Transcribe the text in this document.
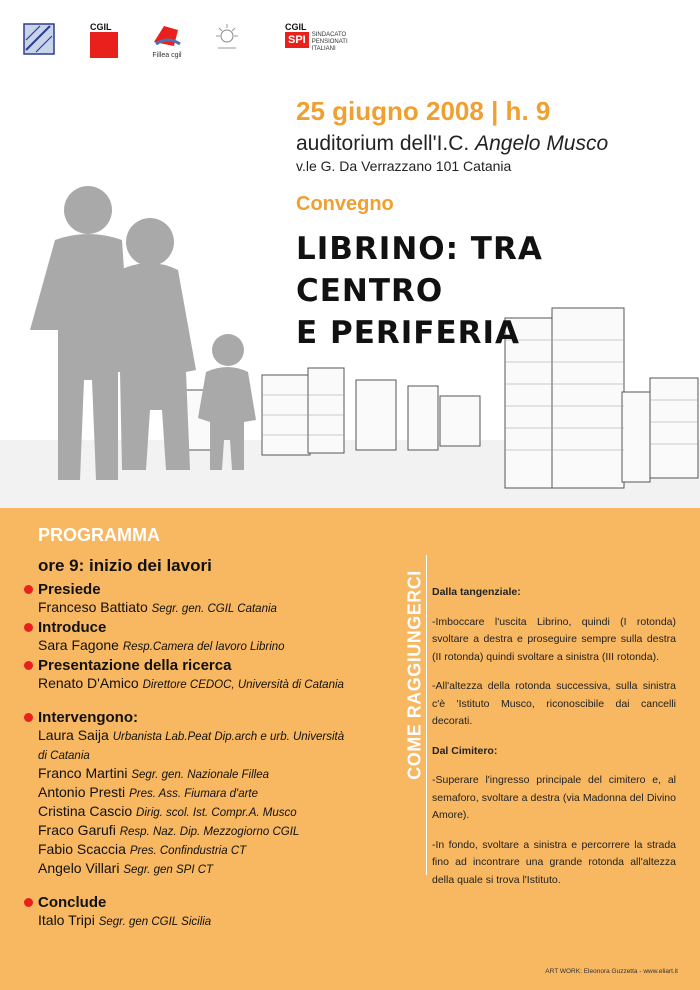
CGIL
Fillea cgil
CGIL
SPI	SINDACATO PENSIONATI ITALIANI
25 giugno 2008 | h. 9
auditorium dell'I.C. Angelo Musco
v.le G. Da Verrazzano 101 Catania
Convegno
LIBRINO: TRA CENTRO
E PERIFERIA
PROGRAMMA
ore 9: inizio dei lavori
Presiede
Franceso Battiato Segr. gen. CGIL Catania
Introduce
Sara Fagone Resp.Camera del lavoro Librino
Presentazione della ricerca
Renato D'Amico Direttore CEDOC, Università di Catania
Intervengono:
Laura Saija Urbanista Lab.Peat Dip.arch e urb. Università di Catania
Franco Martini Segr. gen. Nazionale Fillea
Antonio Presti Pres. Ass. Fiumara d'arte
Cristina Cascio Dirig. scol. Ist. Compr.A. Musco
Fraco Garufi Resp. Naz. Dip. Mezzogiorno CGIL
Fabio Scaccia Pres. Confindustria CT
Angelo Villari Segr. gen SPI CT
Conclude
Italo Tripi Segr. gen CGIL Sicilia
COME RAGGIUNGERCI Dalla tangenziale:

-Imboccare l'uscita Librino, quindi (I rotonda) svoltare a destra e proseguire sempre sulla destra (II rotonda) quindi svoltare a sinistra (III rotonda).

-All'altezza della rotonda successiva, sulla sinistra c'è 'Istituto Musco, riconoscibile dai cancelli decorati.

Dal Cimitero:

-Superare l'ingresso principale del cimitero e, al semaforo, svoltare a destra (via Madonna del Divino Amore).

-In fondo, svoltare a sinistra e percorrere la strada fino ad incontrare una grande rotonda all'altezza della quale si trova l'Istituto.

ART WORK: Eleonora Guzzetta - www.eliart.it
